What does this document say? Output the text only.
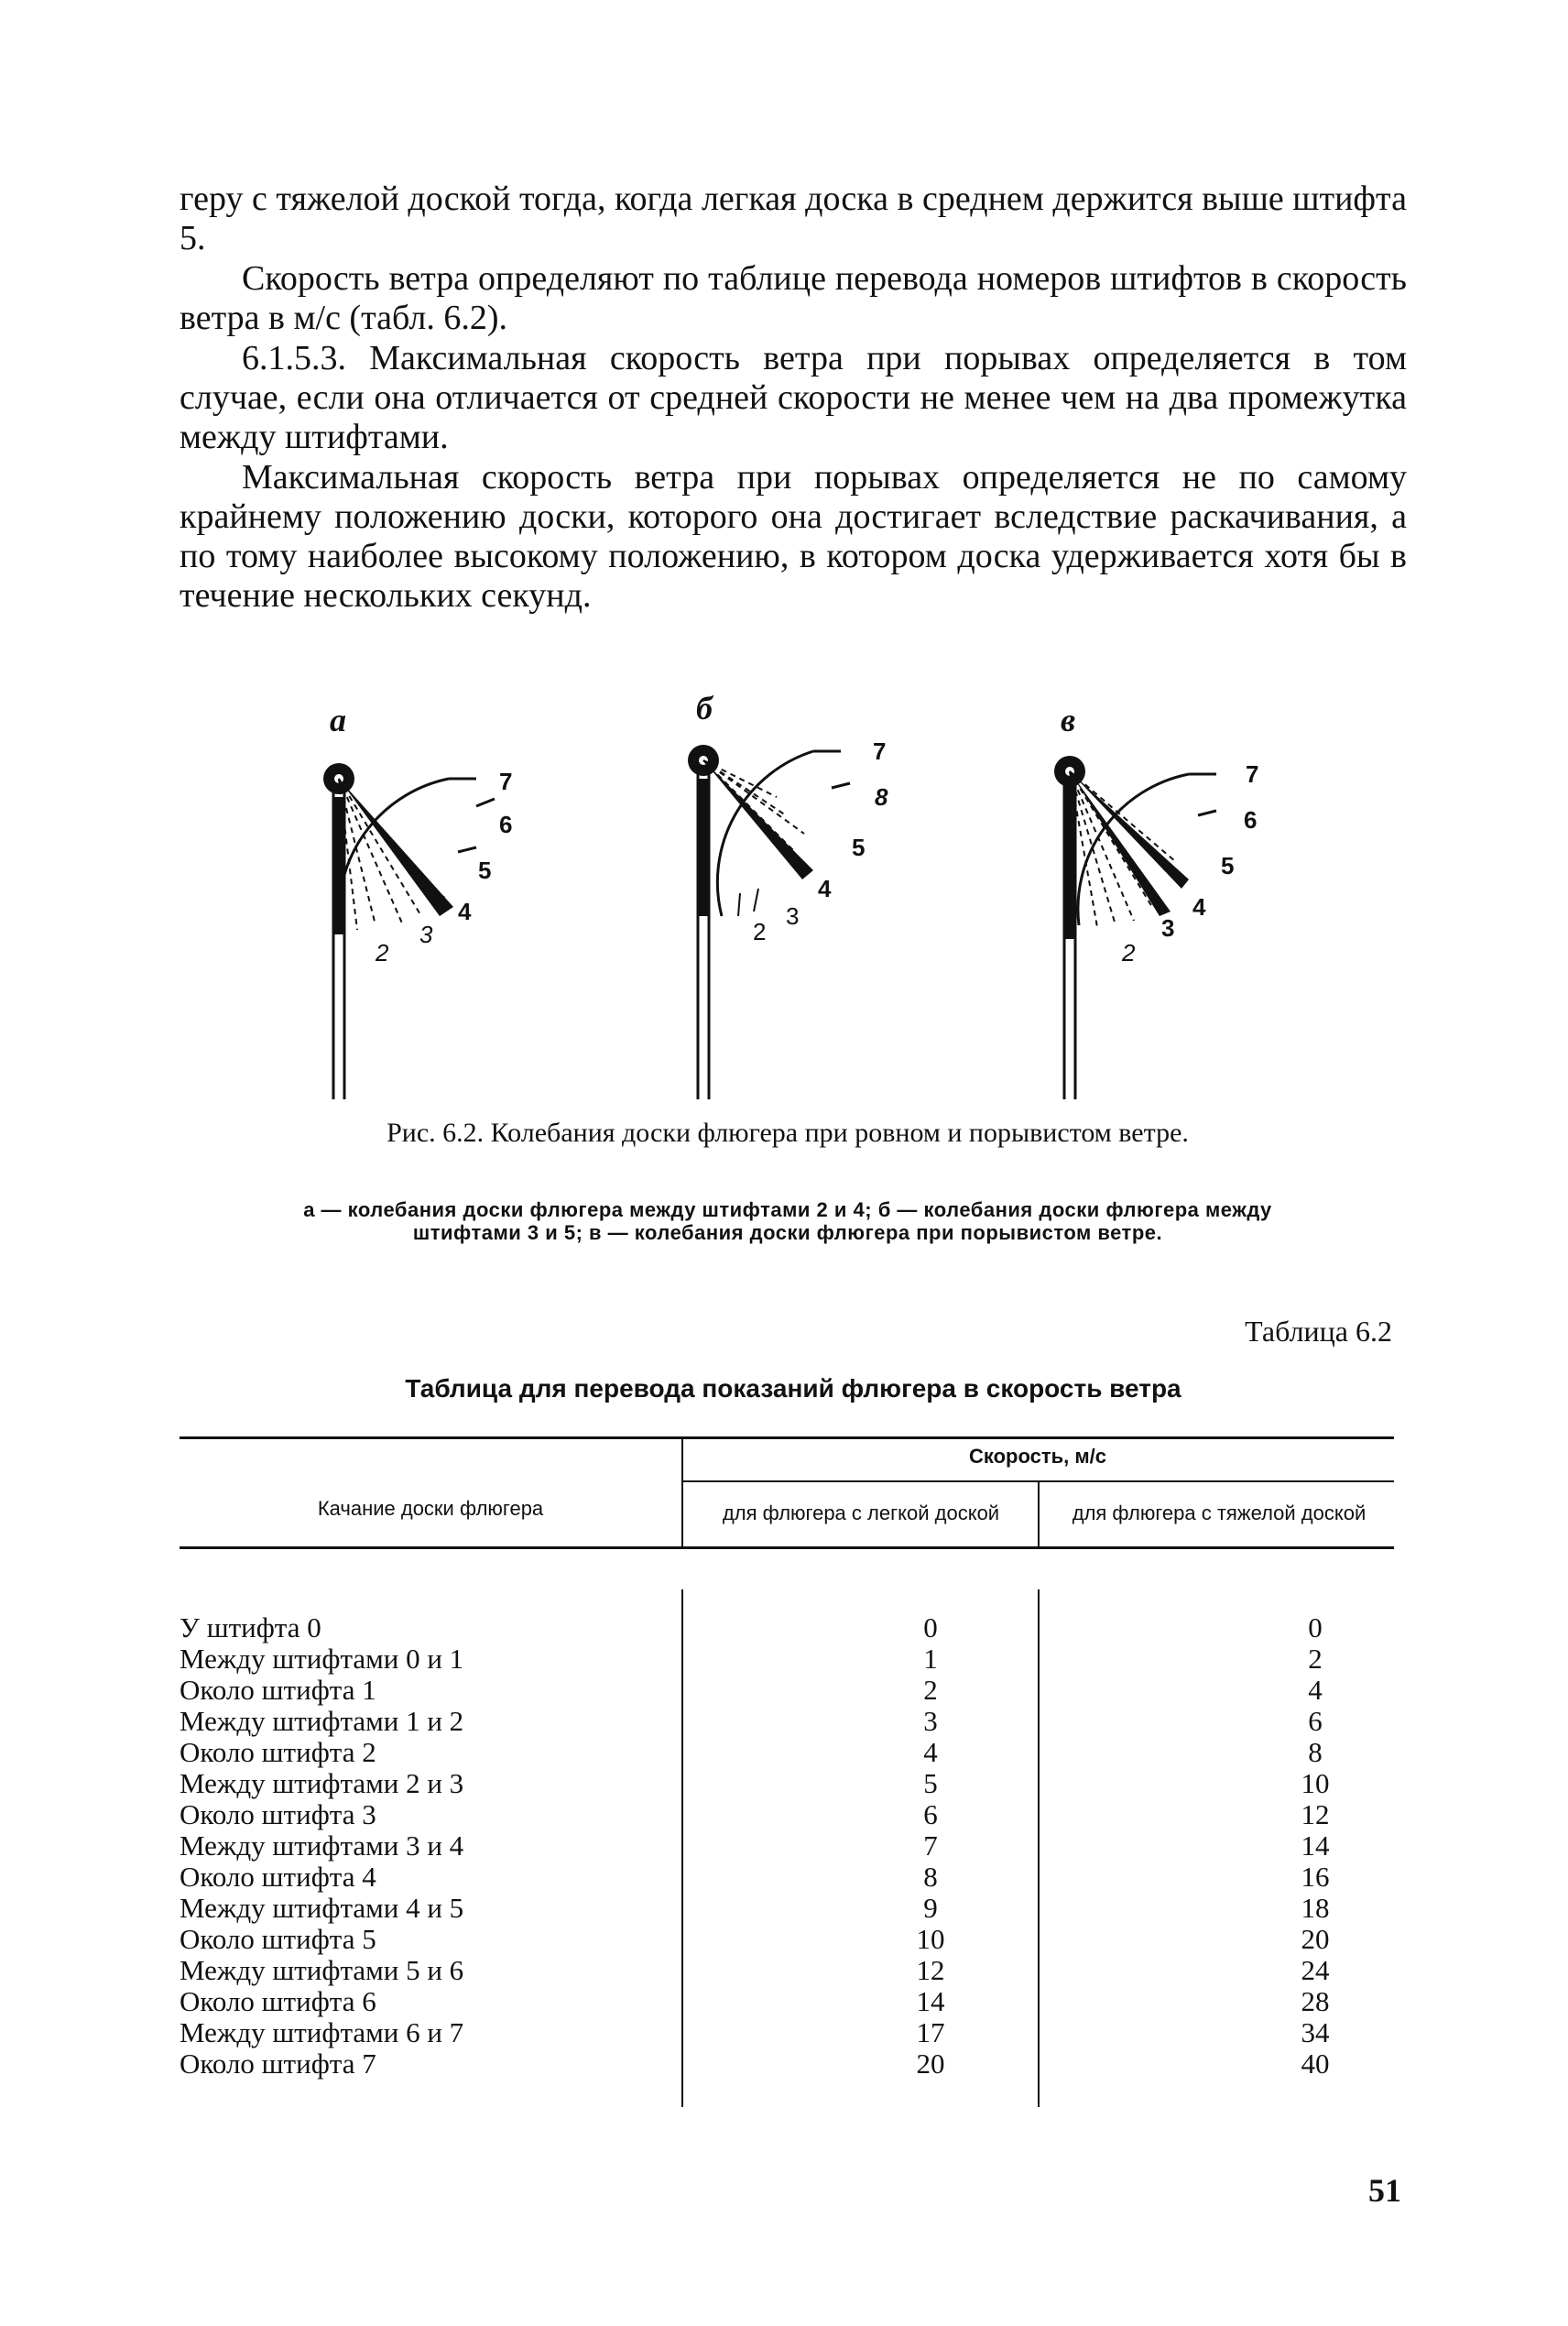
геру с тяжелой доской тогда, когда легкая доска в среднем держится выше штифта 5.

Скорость ветра определяют по таблице перевода номеров штифтов в скорость ветра в м/с (табл. 6.2).

6.1.5.3. Максимальная скорость ветра при порывах определяется в том случае, если она отличается от средней скорости не менее чем на два промежутка между штифтами.

Максимальная скорость ветра при порывах определяется не по самому крайнему положению доски, которого она достигает вследствие раскачивания, а по тому наиболее высокому положению, в котором доска удерживается хотя бы в течение нескольких секунд.

а	б	в
7
6
5
4
3
2
7
8
5
4
3
2
7
6
5
4
3
2

Рис. 6.2. Колебания доски флюгера при ровном и порывистом ветре.

а — колебания доски флюгера между штифтами 2 и 4; б — колебания доски флюгера между штифтами 3 и 5; в — колебания доски флюгера при порывистом ветре.

Таблица 6.2

Таблица для перевода показаний флюгера в скорость ветра

Качание доски флюгера
Скорость, м/с
для флюгера с легкой доской	для флюгера с тяжелой доской
У штифта 0	0	0
Между штифтами 0 и 1	1	2
Около штифта 1	2	4
Между штифтами 1 и 2	3	6
Около штифта 2	4	8
Между штифтами 2 и 3	5	10
Около штифта 3	6	12
Между штифтами 3 и 4	7	14
Около штифта 4	8	16
Между штифтами 4 и 5	9	18
Около штифта 5	10	20
Между штифтами 5 и 6	12	24
Около штифта 6	14	28
Между штифтами 6 и 7	17	34
Около штифта 7	20	40

51
